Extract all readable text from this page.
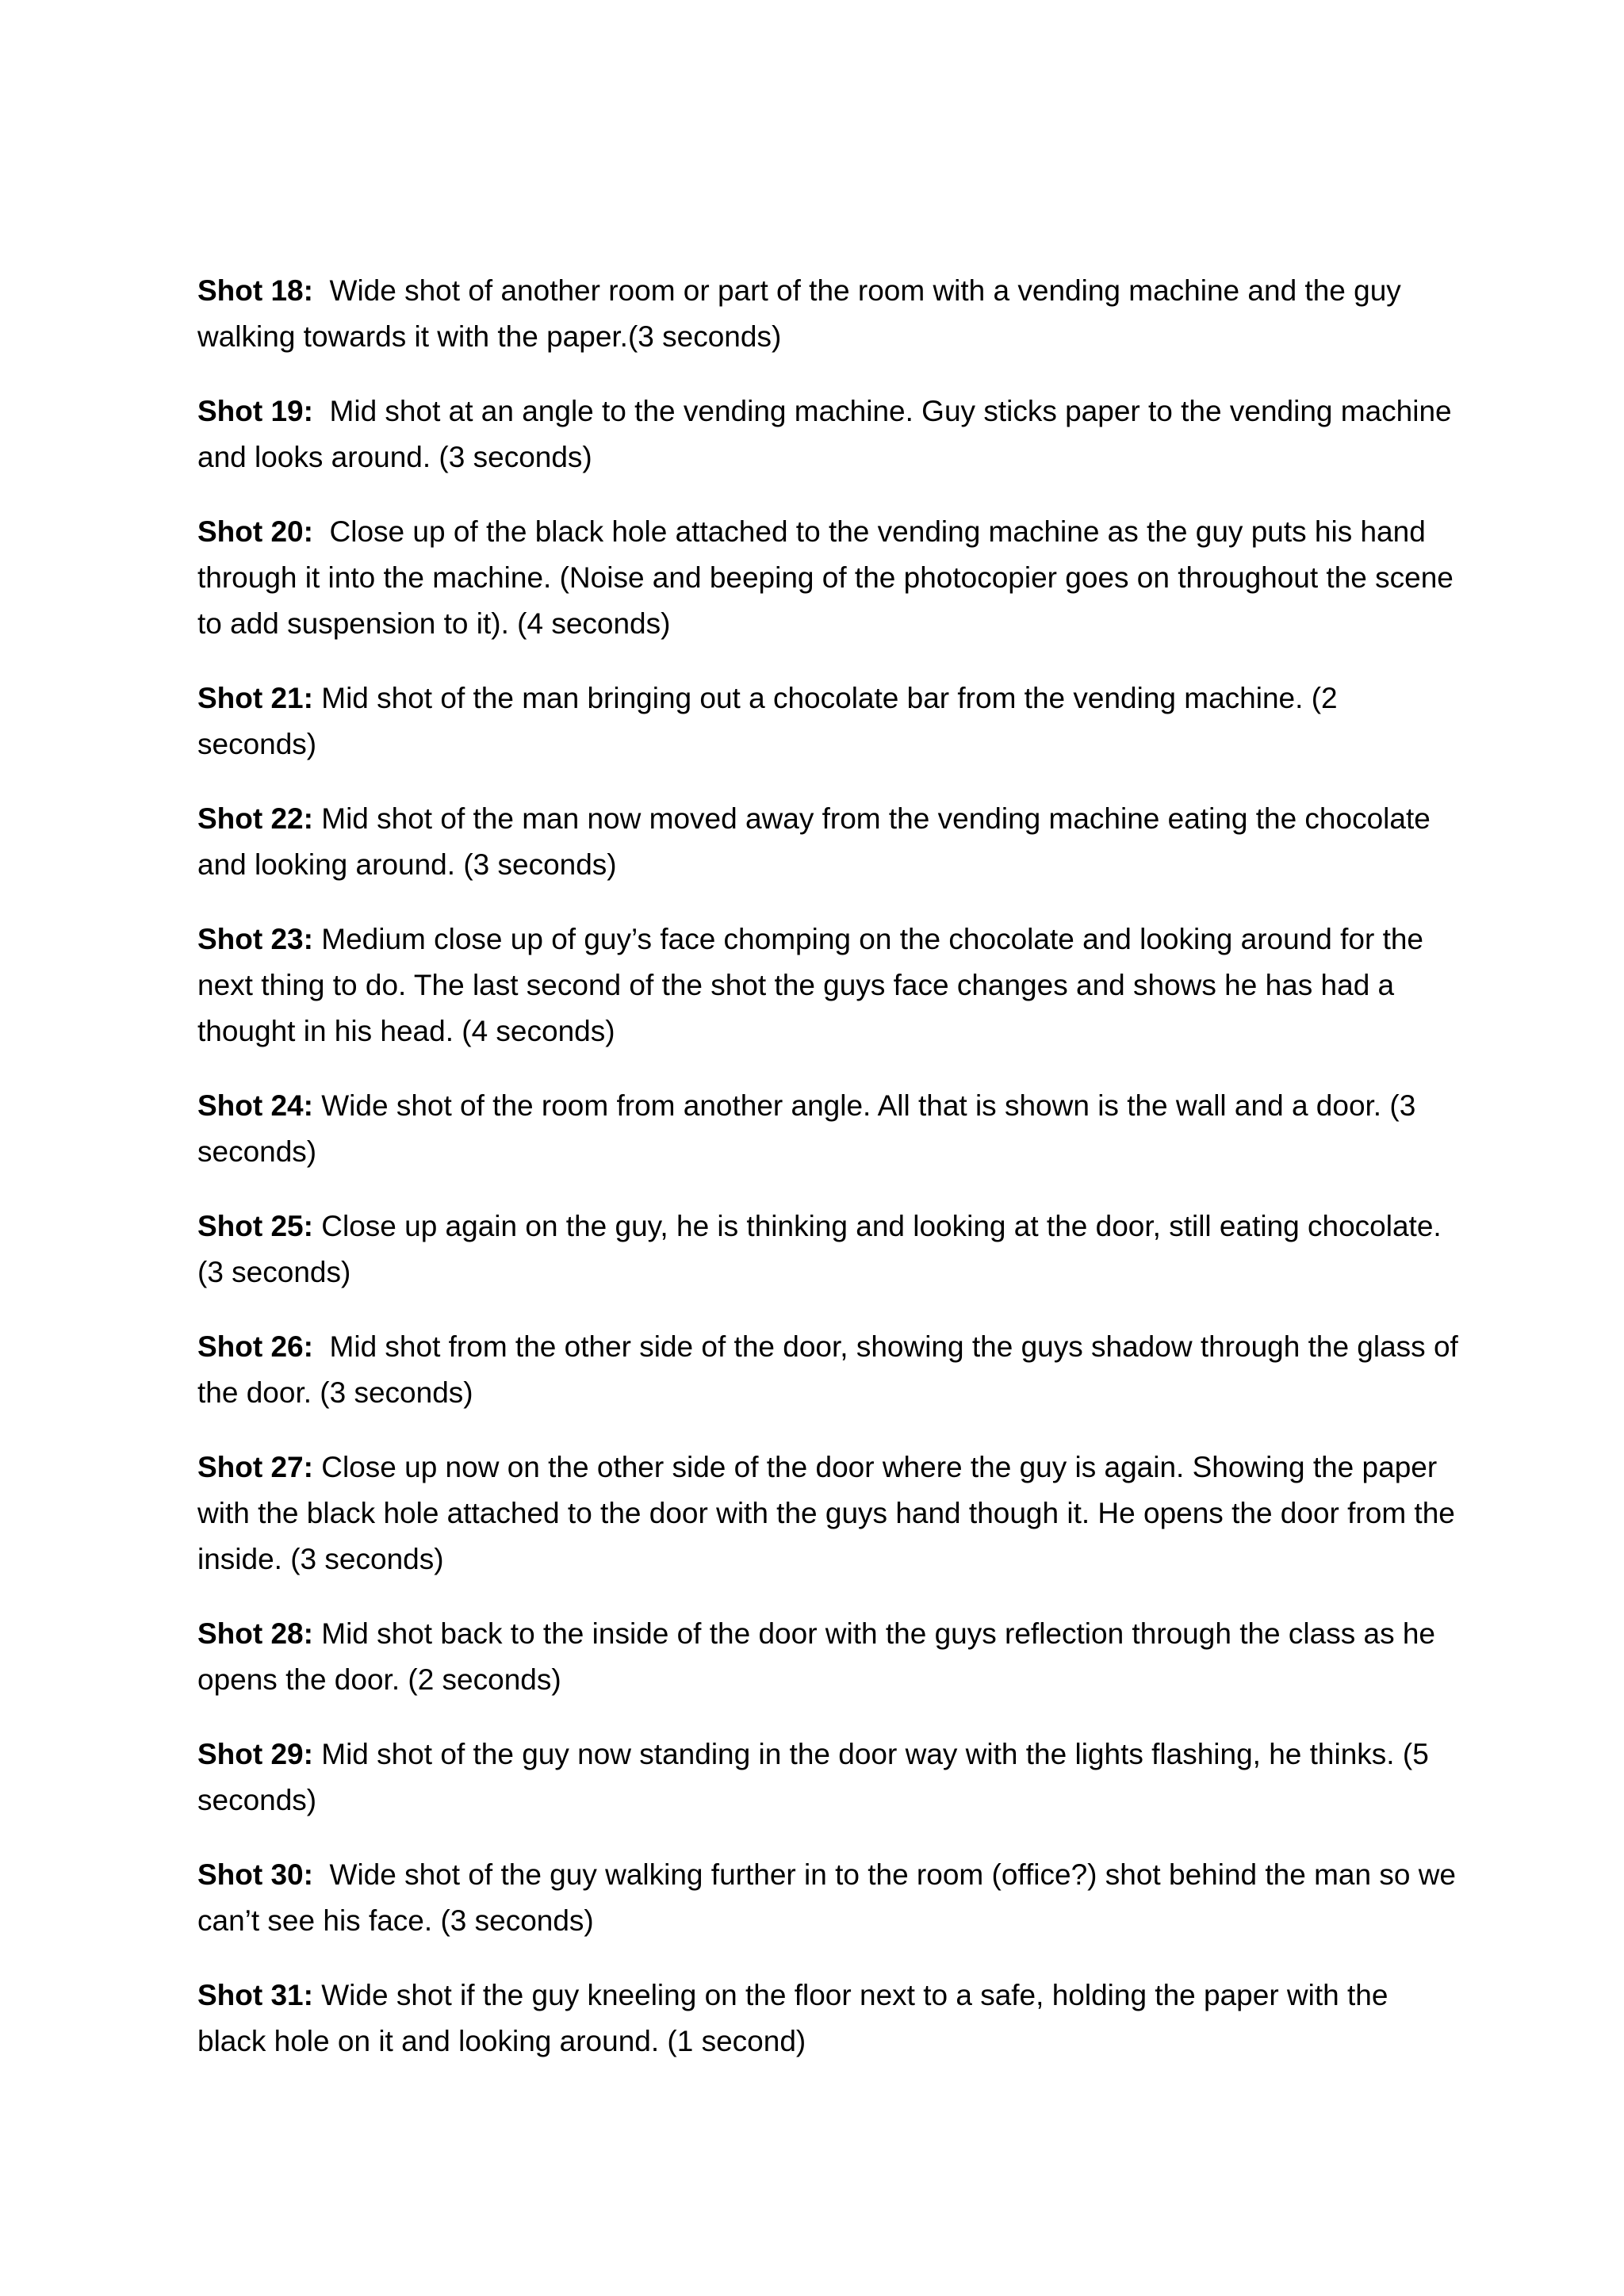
Shot 18: Wide shot of another room or part of the room with a vending machine and the guy walking towards it with the paper.(3 seconds)

Shot 19: Mid shot at an angle to the vending machine. Guy sticks paper to the vending machine and looks around. (3 seconds)

Shot 20: Close up of the black hole attached to the vending machine as the guy puts his hand through it into the machine. (Noise and beeping of the photocopier goes on throughout the scene to add suspension to it). (4 seconds)

Shot 21: Mid shot of the man bringing out a chocolate bar from the vending machine. (2 seconds)

Shot 22: Mid shot of the man now moved away from the vending machine eating the chocolate and looking around. (3 seconds)

Shot 23: Medium close up of guy’s face chomping on the chocolate and looking around for the next thing to do. The last second of the shot the guys face changes and shows he has had a thought in his head. (4 seconds)

Shot 24: Wide shot of the room from another angle. All that is shown is the wall and a door. (3 seconds)

Shot 25: Close up again on the guy, he is thinking and looking at the door, still eating chocolate. (3 seconds)

Shot 26: Mid shot from the other side of the door, showing the guys shadow through the glass of the door. (3 seconds)

Shot 27: Close up now on the other side of the door where the guy is again. Showing the paper with the black hole attached to the door with the guys hand though it. He opens the door from the inside. (3 seconds)

Shot 28: Mid shot back to the inside of the door with the guys reflection through the class as he opens the door. (2 seconds)

Shot 29: Mid shot of the guy now standing in the door way with the lights flashing, he thinks. (5 seconds)

Shot 30: Wide shot of the guy walking further in to the room (office?) shot behind the man so we can’t see his face. (3 seconds)

Shot 31: Wide shot if the guy kneeling on the floor next to a safe, holding the paper with the black hole on it and looking around. (1 second)
